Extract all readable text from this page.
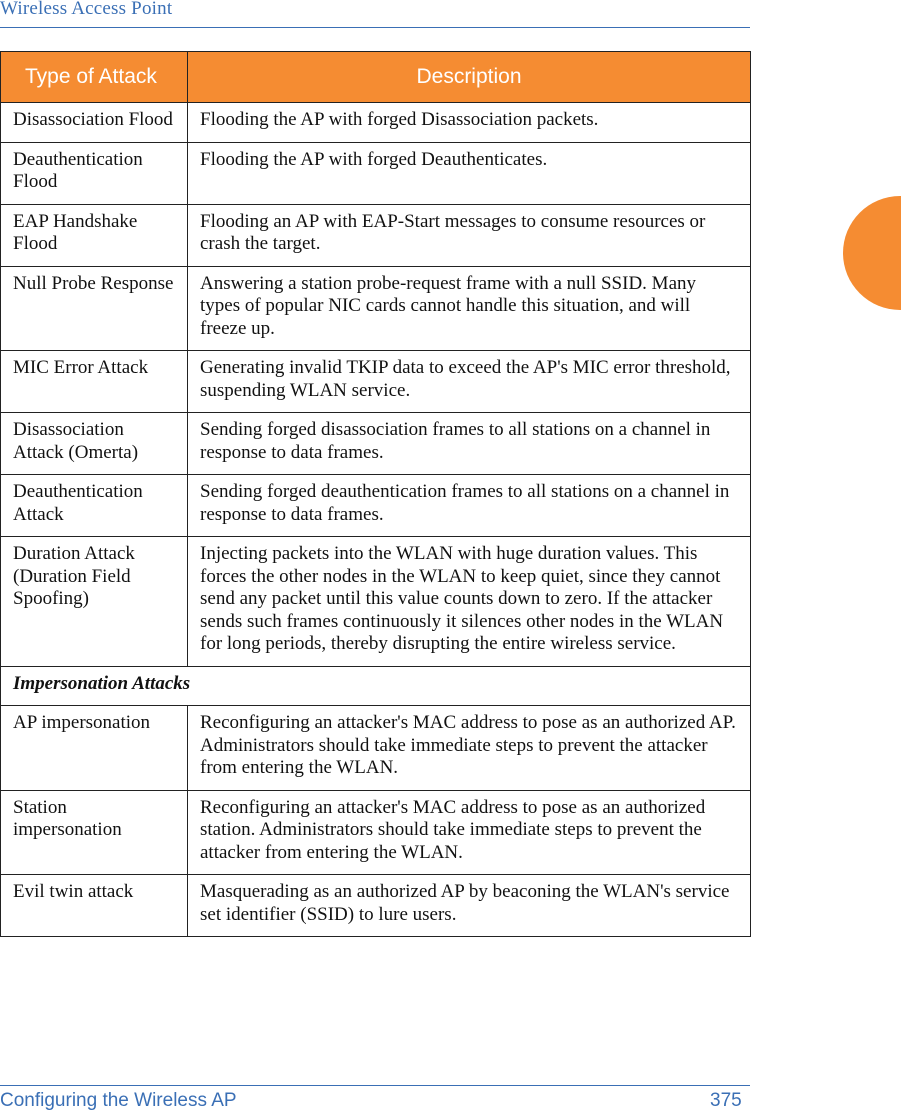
Wireless Access Point
Type of Attack	Description
Disassociation Flood	Flooding the AP with forged Disassociation packets.
Deauthentication Flood	Flooding the AP with forged Deauthenticates.
EAP Handshake Flood	Flooding an AP with EAP-Start messages to consume resources or crash the target.
Null Probe Response	Answering a station probe-request frame with a null SSID. Many types of popular NIC cards cannot handle this situation, and will freeze up.
MIC Error Attack	Generating invalid TKIP data to exceed the AP's MIC error threshold, suspending WLAN service.
Disassociation Attack (Omerta)	Sending forged disassociation frames to all stations on a channel in response to data frames.
Deauthentication Attack	Sending forged deauthentication frames to all stations on a channel in response to data frames.
Duration Attack (Duration Field Spoofing)	Injecting packets into the WLAN with huge duration values. This forces the other nodes in the WLAN to keep quiet, since they cannot send any packet until this value counts down to zero. If the attacker sends such frames continuously it silences other nodes in the WLAN for long periods, thereby disrupting the entire wireless service.
Impersonation Attacks	
AP impersonation	Reconfiguring an attacker's MAC address to pose as an authorized AP. Administrators should take immediate steps to prevent the attacker from entering the WLAN.
Station impersonation	Reconfiguring an attacker's MAC address to pose as an authorized station. Administrators should take immediate steps to prevent the attacker from entering the WLAN.
Evil twin attack	Masquerading as an authorized AP by beaconing the WLAN's service set identifier (SSID) to lure users.
Configuring the Wireless AP	375
